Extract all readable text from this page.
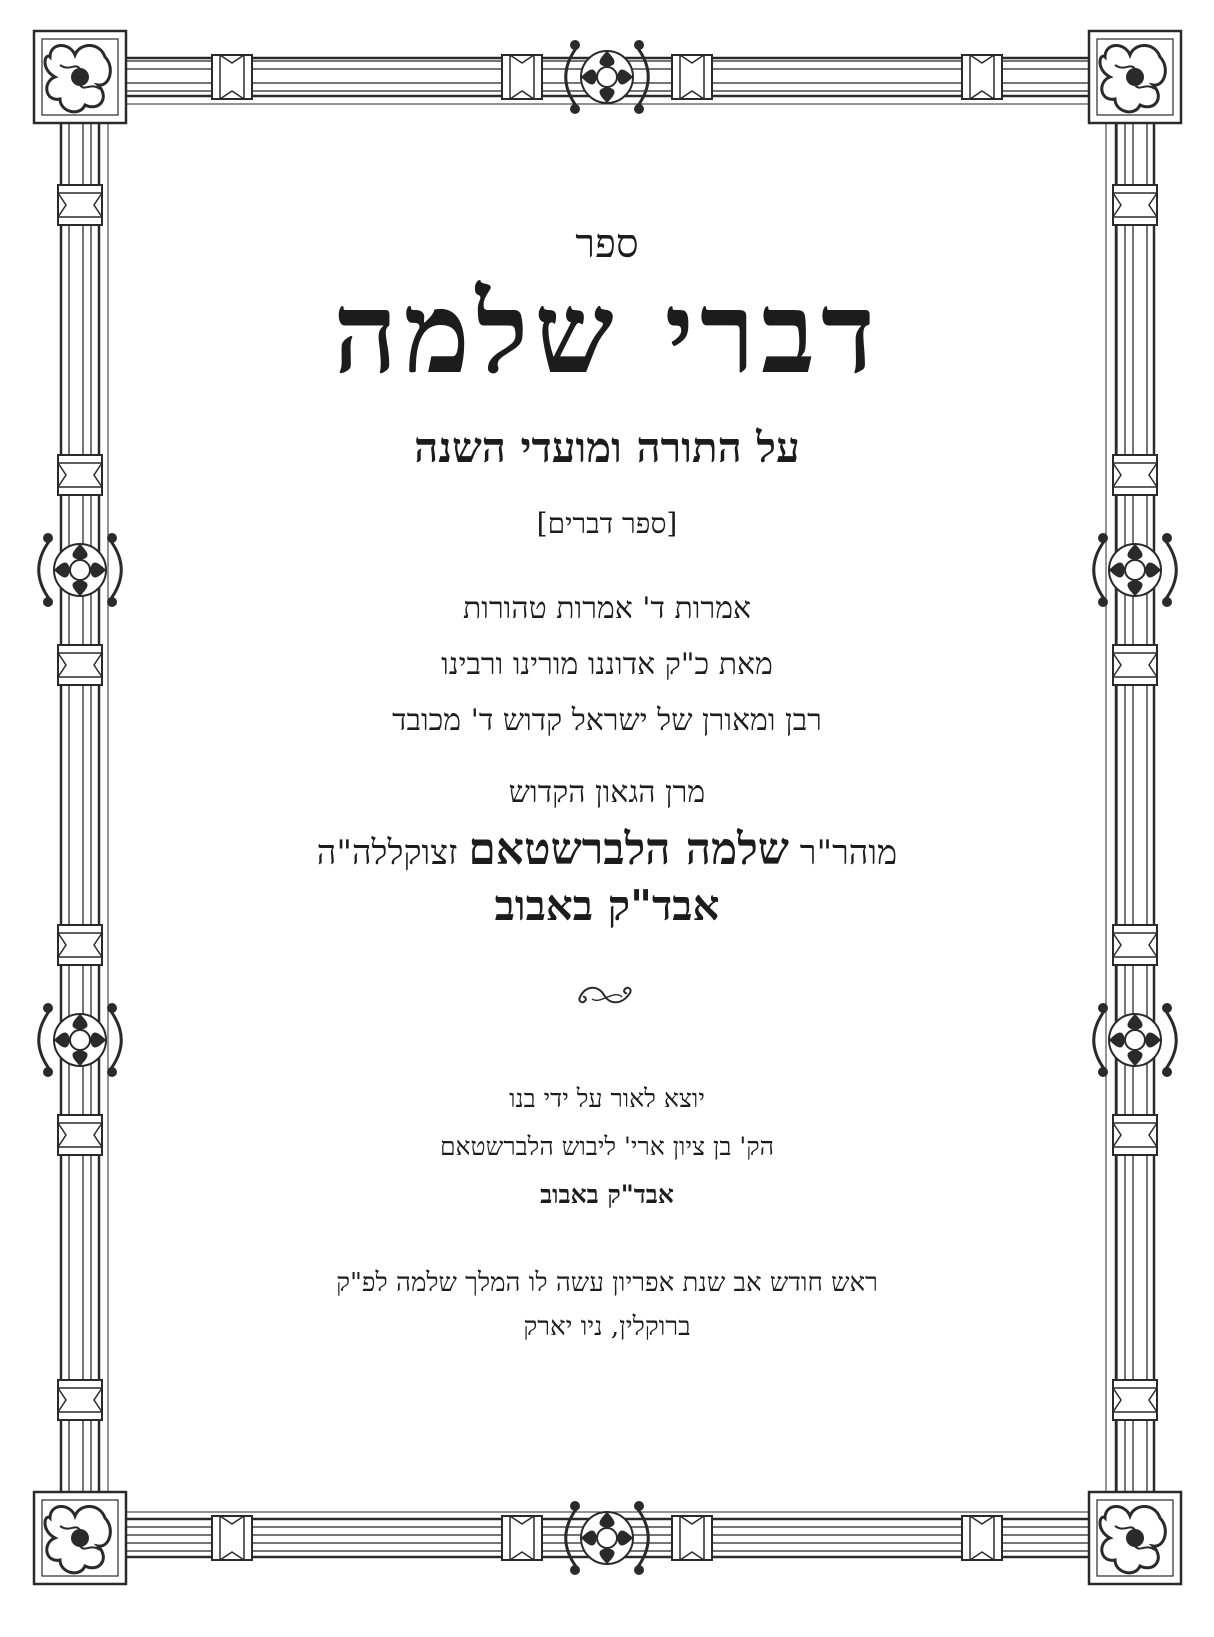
ספר
דברי שלמה
על התורה ומועדי השנה
[ספר דברים]
אמרות ד' אמרות טהורות
מאת כ"ק אדוננו מורינו ורבינו
רבן ומאורן של ישראל קדוש ד' מכובד
מרן הגאון הקדוש
מוהר"ר שלמה הלברשטאם זצוקללה"ה
אבד"ק באבוב
יוצא לאור על ידי בנו
הק' בן ציון ארי' ליבוש הלברשטאם
אבד"ק באבוב
ראש חודש אב שנת אפריון עשה לו המלך שלמה לפ"ק
ברוקלין, ניו יארק
